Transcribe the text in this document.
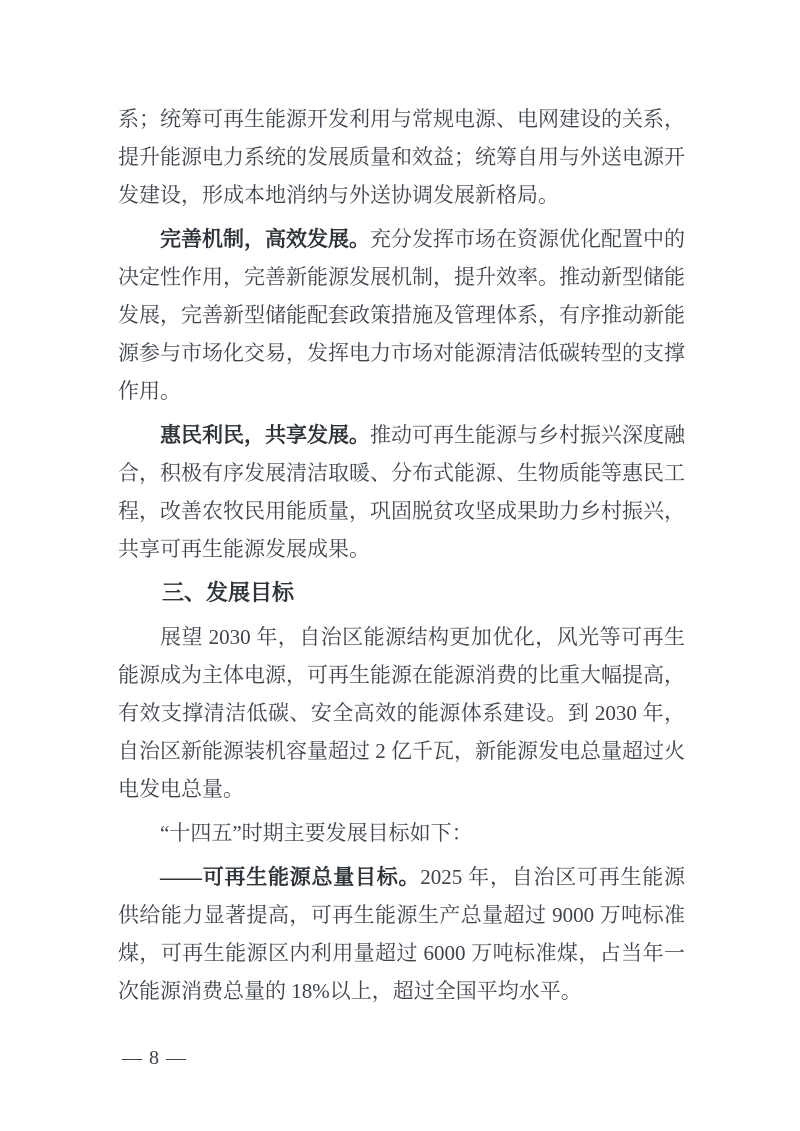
系；统筹可再生能源开发利用与常规电源、电网建设的关系，提升能源电力系统的发展质量和效益；统筹自用与外送电源开发建设，形成本地消纳与外送协调发展新格局。

完善机制，高效发展。充分发挥市场在资源优化配置中的决定性作用，完善新能源发展机制，提升效率。推动新型储能发展，完善新型储能配套政策措施及管理体系，有序推动新能源参与市场化交易，发挥电力市场对能源清洁低碳转型的支撑作用。

惠民利民，共享发展。推动可再生能源与乡村振兴深度融合，积极有序发展清洁取暖、分布式能源、生物质能等惠民工程，改善农牧民用能质量，巩固脱贫攻坚成果助力乡村振兴，共享可再生能源发展成果。

三、发展目标

展望 2030 年，自治区能源结构更加优化，风光等可再生能源成为主体电源，可再生能源在能源消费的比重大幅提高，有效支撑清洁低碳、安全高效的能源体系建设。到 2030 年，自治区新能源装机容量超过 2 亿千瓦，新能源发电总量超过火电发电总量。

“十四五”时期主要发展目标如下：

——可再生能源总量目标。2025 年，自治区可再生能源供给能力显著提高，可再生能源生产总量超过 9000 万吨标准煤，可再生能源区内利用量超过 6000 万吨标准煤，占当年一次能源消费总量的 18%以上，超过全国平均水平。

— 8 —
